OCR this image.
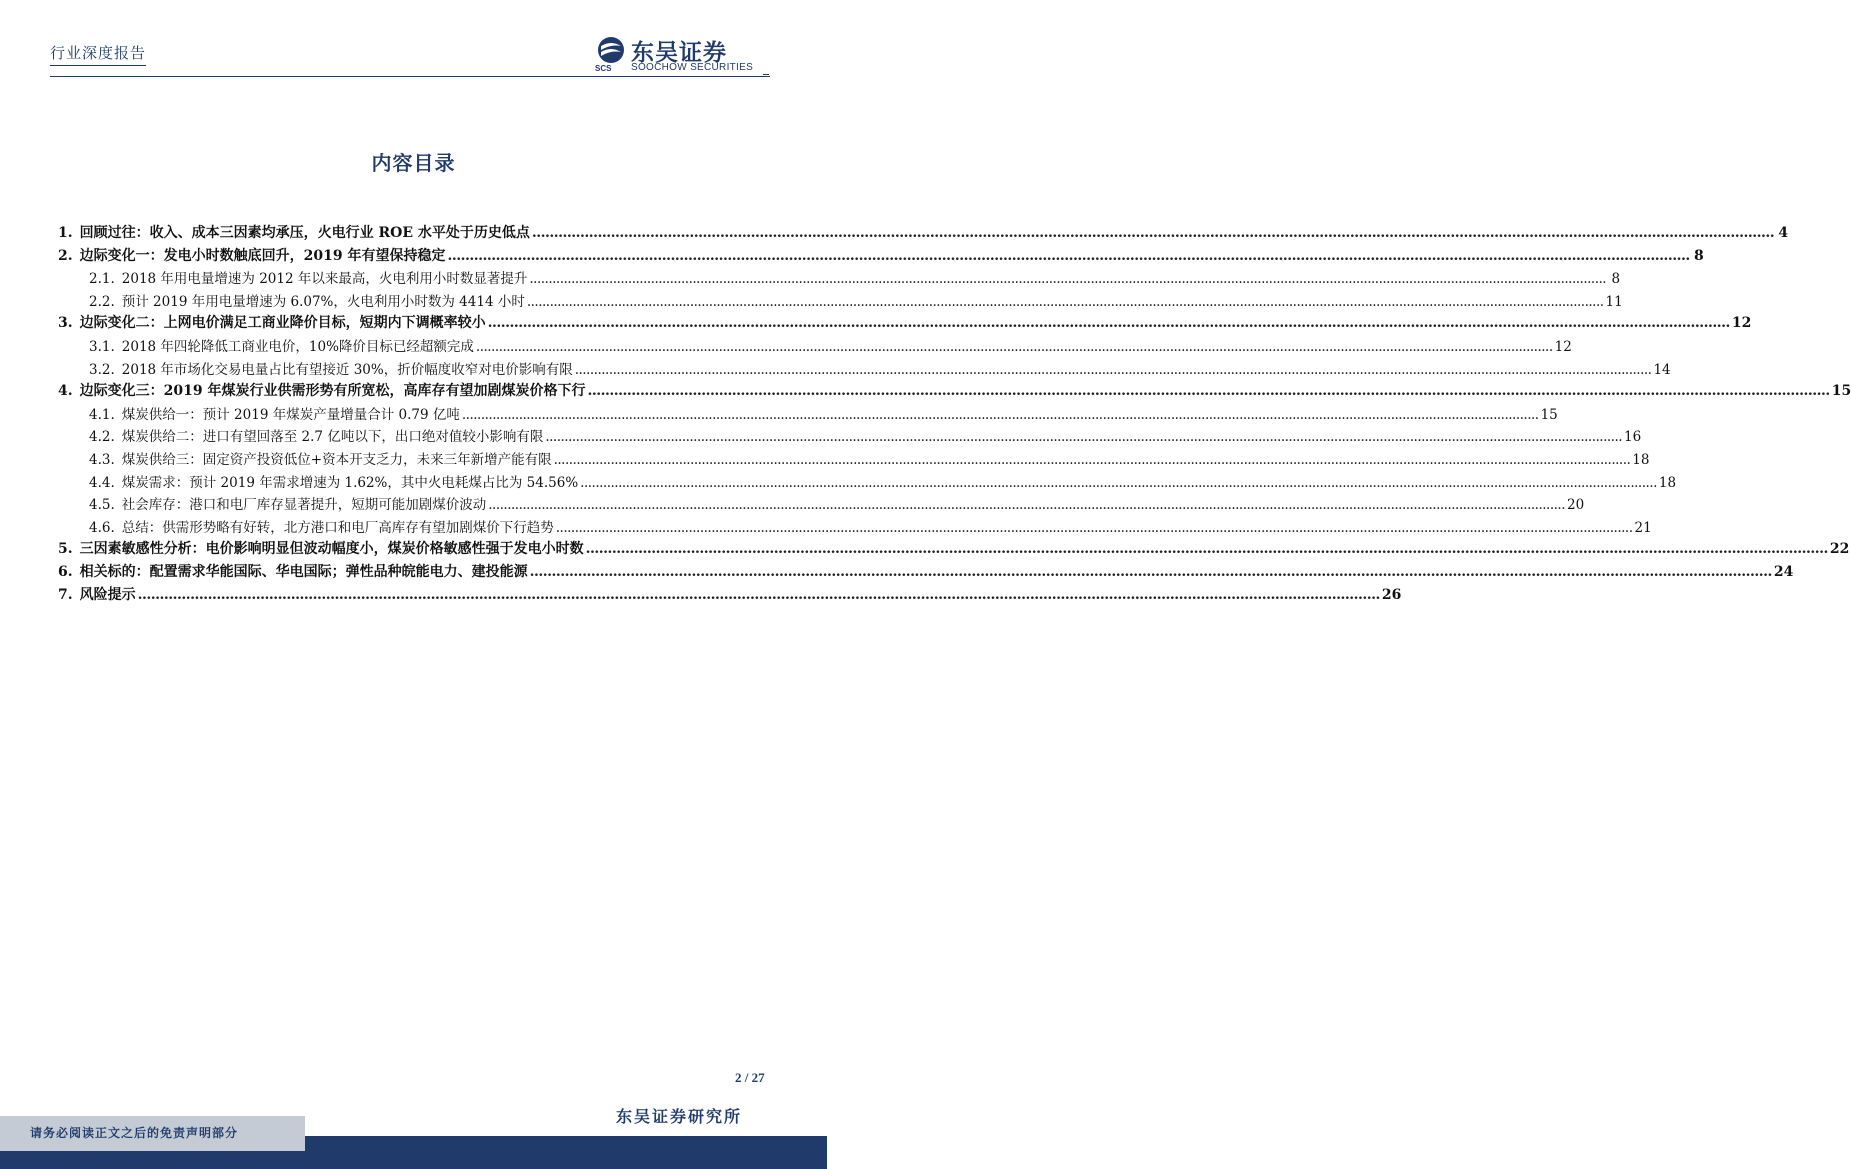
行业深度报告
SCS
东吴证券
SOOCHOW SECURITIES
内容目录
1. 回顾过往：收入、成本三因素均承压，火电行业 ROE 水平处于历史低点 .....	4
2. 边际变化一：发电小时数触底回升，2019 年有望保持稳定 .....	8
2.1. 2018 年用电量增速为 2012 年以来最高，火电利用小时数显著提升 .....	8
2.2. 预计 2019 年用电量增速为 6.07%，火电利用小时数为 4414 小时 .....	11
3. 边际变化二：上网电价满足工商业降价目标，短期内下调概率较小 .....	12
3.1. 2018 年四轮降低工商业电价，10%降价目标已经超额完成 .....	12
3.2. 2018 年市场化交易电量占比有望接近 30%，折价幅度收窄对电价影响有限 .....	14
4. 边际变化三：2019 年煤炭行业供需形势有所宽松，高库存有望加剧煤炭价格下行 .....	15
4.1. 煤炭供给一：预计 2019 年煤炭产量增量合计 0.79 亿吨 .....	15
4.2. 煤炭供给二：进口有望回落至 2.7 亿吨以下，出口绝对值较小影响有限 .....	16
4.3. 煤炭供给三：固定资产投资低位+资本开支乏力，未来三年新增产能有限 .....	18
4.4. 煤炭需求：预计 2019 年需求增速为 1.62%，其中火电耗煤占比为 54.56% .....	18
4.5. 社会库存：港口和电厂库存显著提升，短期可能加剧煤价波动 .....	20
4.6. 总结：供需形势略有好转，北方港口和电厂高库存有望加剧煤价下行趋势 .....	21
5. 三因素敏感性分析：电价影响明显但波动幅度小，煤炭价格敏感性强于发电小时数 .....	22
6. 相关标的：配置需求华能国际、华电国际；弹性品种皖能电力、建投能源 .....	24
7. 风险提示 .....	26
2 / 27
东吴证券研究所
请务必阅读正文之后的免责声明部分
